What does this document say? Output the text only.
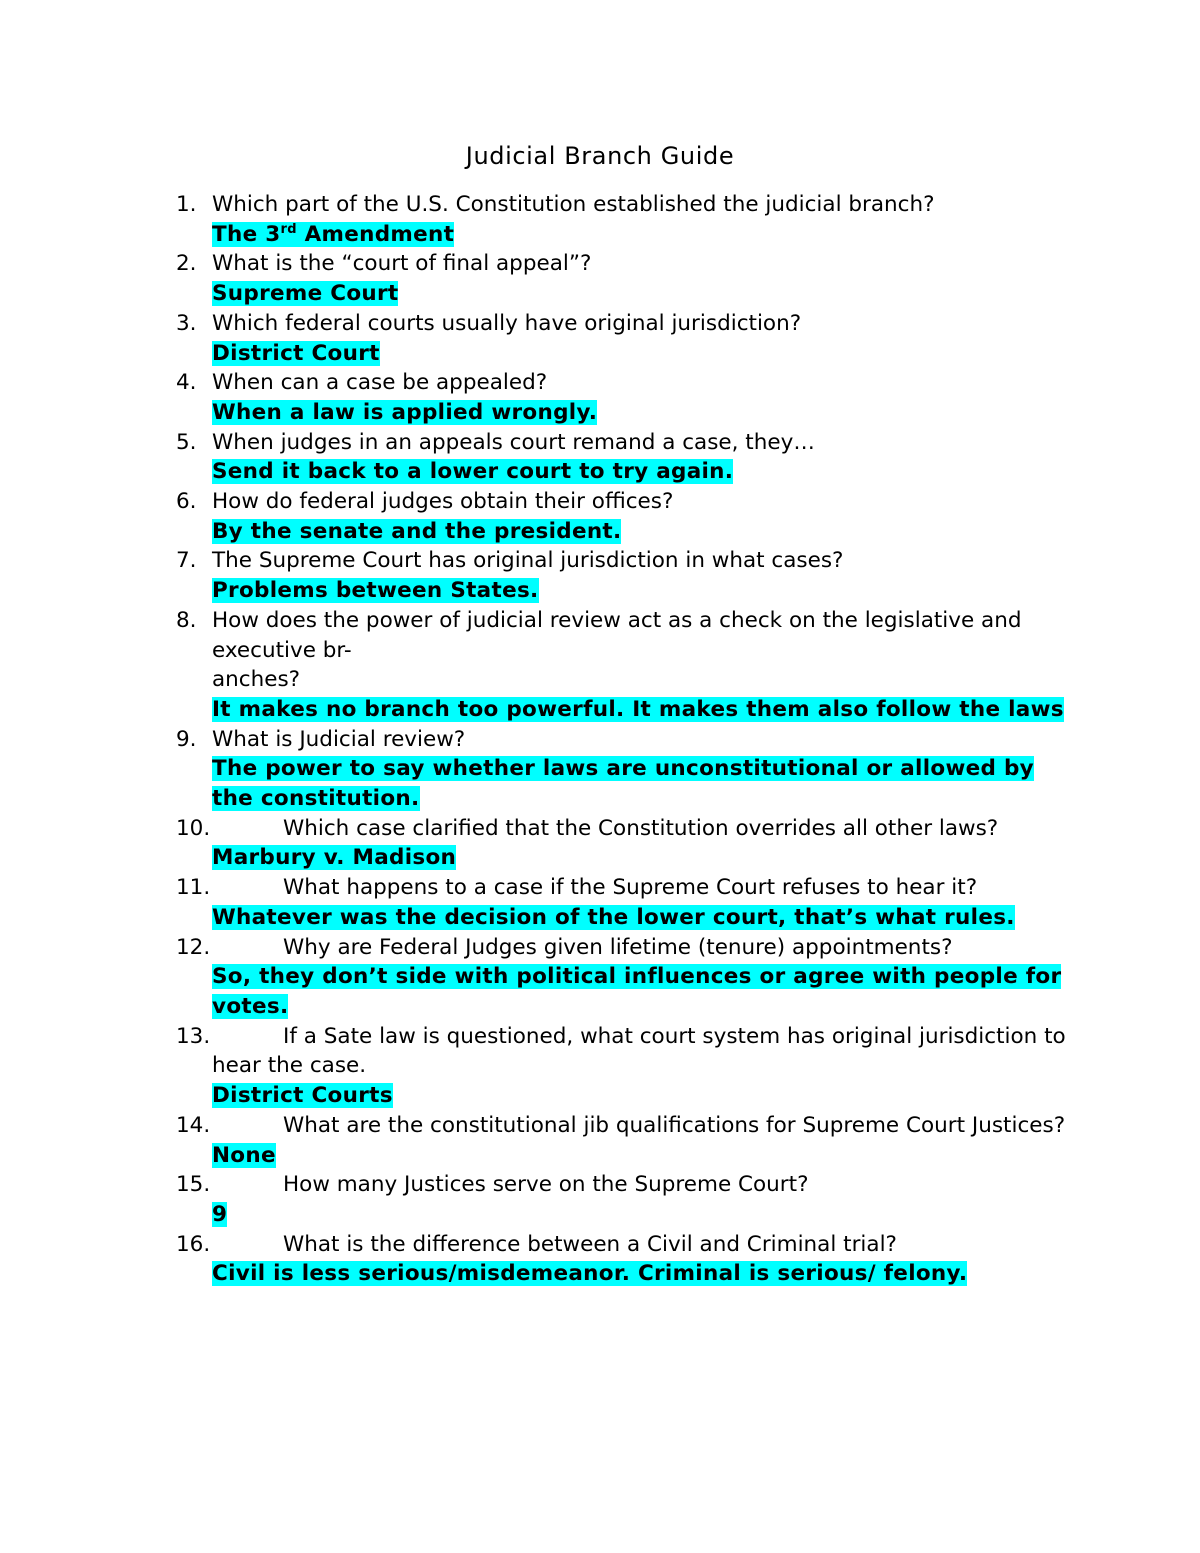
Judicial Branch Guide
1. Which part of the U.S. Constitution established the judicial branch?
The 3rd Amendment
2. What is the “court of final appeal”?
Supreme Court
3. Which federal courts usually have original jurisdiction?
District Court
4. When can a case be appealed?
When a law is applied wrongly.
5. When judges in an appeals court remand a case, they…
Send it back to a lower court to try again.
6. How do federal judges obtain their offices?
By the senate and the president.
7. The Supreme Court has original jurisdiction in what cases?
Problems between States.
8. How does the power of judicial review act as a check on the legislative and executive br-
anches?
It makes no branch too powerful. It makes them also follow the laws
9. What is Judicial review?
The power to say whether laws are unconstitutional or allowed by the constitution.
10.	Which case clarified that the Constitution overrides all other laws?
Marbury v. Madison
11.	What happens to a case if the Supreme Court refuses to hear it?
Whatever was the decision of the lower court, that’s what rules.
12.	Why are Federal Judges given lifetime (tenure) appointments?
So, they don’t side with political influences or agree with people for votes.
13.	If a Sate law is questioned, what court system has original jurisdiction to hear the case.
District Courts
14.	What are the constitutional jib qualifications for Supreme Court Justices?
None
15.	How many Justices serve on the Supreme Court?
9
16.	What is the difference between a Civil and Criminal trial?
Civil is less serious/misdemeanor. Criminal is serious/ felony.
